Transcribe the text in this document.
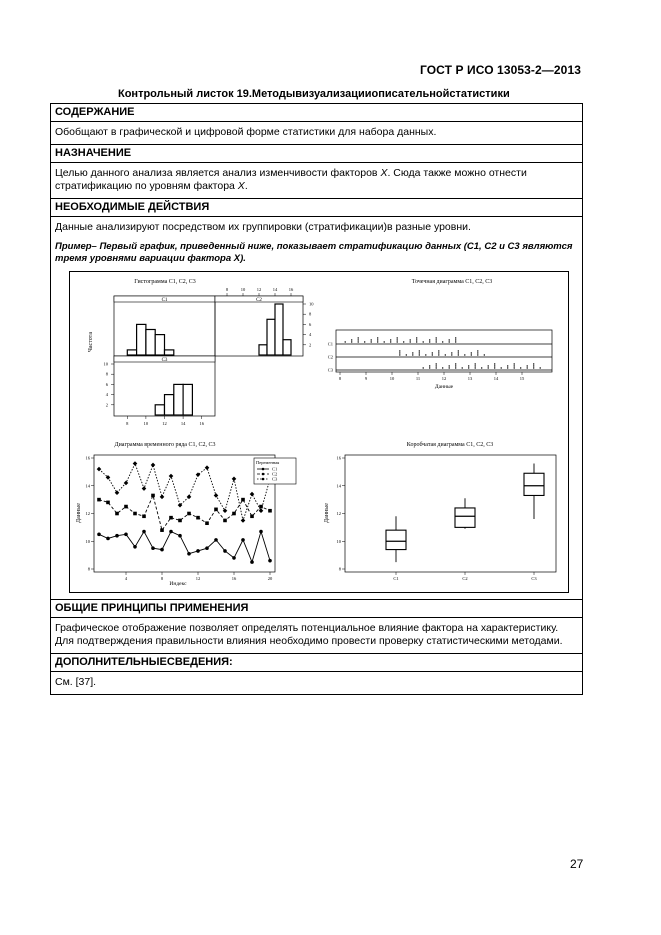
ГОСТ Р ИСО 13053-2—2013
Контрольный листок 19.Методывизуализацииописательнойстатистики
СОДЕРЖАНИЕ

Обобщают в графической и цифровой форме статистики для набора данных.

НАЗНАЧЕНИЕ

Целью данного анализа является анализ изменчивости факторов X. Сюда также можно отнести стратификацию по уровням фактора X.

НЕОБХОДИМЫЕ ДЕЙСТВИЯ

Данные анализируют посредством их группировки (стратификации)в разные уровни.

Пример– Первый график, приведенный ниже, показывает стратификацию данных (С1, С2 и С3 являются тремя уровнями вариации фактора X).

Гистограмма C1, C2, C3
C1	C2
C3
8	10	12	14	16
8	10	12	14	16
2
4
6
8
10
2
4
6
8
10
Частота
Точечная диаграмма C1, C2, C3
C1
C2
C3
8	9	10	11	12	13	14	15
Данные
Диаграмма временного ряда C1, C2, C3
4	8	12	16	20
8
10
12
14
16
Индекс
Данные
Переменная
C1
C2
C3
Коробчатая диаграмма C1, C2, C3
C1	C2	C3
8
10
12
14
16
Данные
ОБЩИЕ ПРИНЦИПЫ ПРИМЕНЕНИЯ

Графическое отображение позволяет определять потенциальное влияние фактора на характеристику. Для подтверждения правильности влияния необходимо провести проверку статистическими методами.

ДОПОЛНИТЕЛЬНЫЕСВЕДЕНИЯ:

См. [37].

27
